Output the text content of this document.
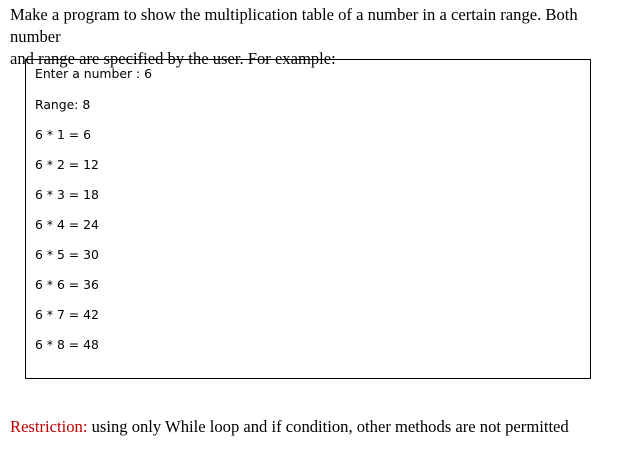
Make a program to show the multiplication table of a number in a certain range. Both number
and range are specified by the user. For example:

Enter a number : 6
Range: 8
6 * 1 = 6
6 * 2 = 12
6 * 3 = 18
6 * 4 = 24
6 * 5 = 30
6 * 6 = 36
6 * 7 = 42
6 * 8 = 48

Restriction: using only While loop and if condition, other methods are not permitted
